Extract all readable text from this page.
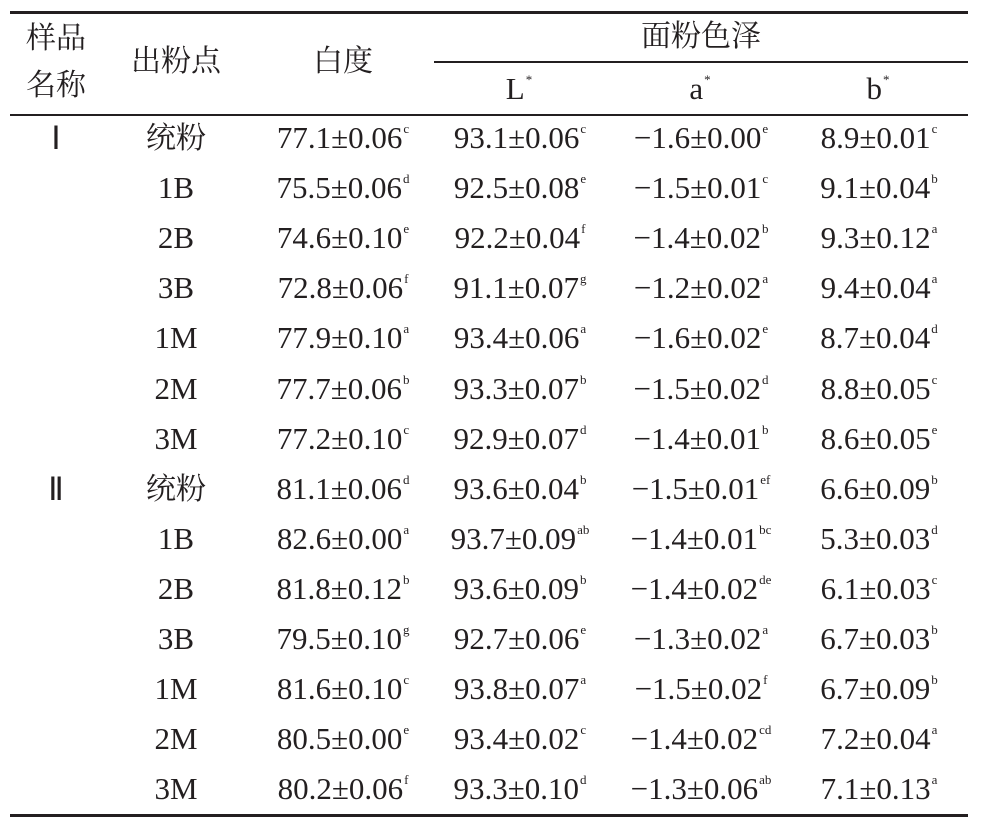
样品
名称
出粉点	白度
面粉色泽
L*	a*	b*
Ⅰ	统粉 77.1±0.06$^c$ 93.1±0.06$^c$ −1.6±0.00$^e$ 8.9±0.01$^c$
1B	75.5±0.06$^d$ 92.5±0.08$^e$ −1.5±0.01$^c$ 9.1±0.04$^b$
2B	74.6±0.10$^e$ 92.2±0.04$^f$ −1.4±0.02$^b$ 9.3±0.12$^a$
3B	72.8±0.06$^f$ 91.1±0.07$^g$ −1.2±0.02$^a$ 9.4±0.04$^a$
1M	77.9±0.10$^a$ 93.4±0.06$^a$ −1.6±0.02$^e$ 8.7±0.04$^d$
2M	77.7±0.06$^b$ 93.3±0.07$^b$ −1.5±0.02$^d$ 8.8±0.05$^c$
3M	77.2±0.10$^c$ 92.9±0.07$^d$ −1.4±0.01$^b$ 8.6±0.05$^e$
Ⅱ	统粉 81.1±0.06$^d$ 93.6±0.04$^b$ −1.5±0.01$^{ef}$ 6.6±0.09$^b$
1B	82.6±0.00$^a$ 93.7±0.09$^{ab}$ −1.4±0.01$^{bc}$ 5.3±0.03$^d$
2B	81.8±0.12$^b$ 93.6±0.09$^b$ −1.4±0.02de 6.1±0.03$^c$
3B	79.5±0.10$^g$ 92.7±0.06$^e$ −1.3±0.02$^a$ 6.7±0.03$^b$
1M	81.6±0.10$^c$ 93.8±0.07$^a$ −1.5±0.02$^f$ 6.7±0.09$^b$
2M	80.5±0.00$^e$ 93.4±0.02$^c$ −1.4±0.02$^{cd}$ 7.2±0.04$^a$
3M	80.2±0.06$^f$ 93.3±0.10$^d$ −1.3±0.06$^{ab}$ 7.1±0.13$^a$
